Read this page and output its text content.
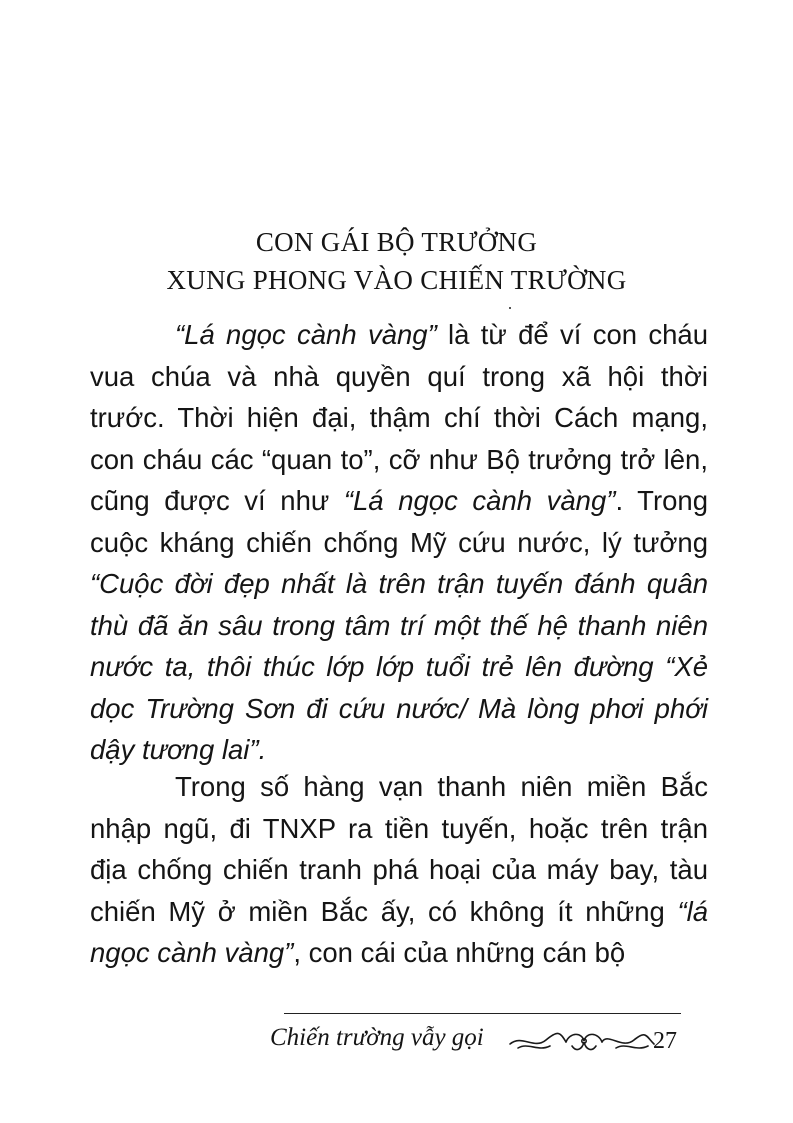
CON GÁI BỘ TRƯỞNG
XUNG PHONG VÀO CHIẾN TRƯỜNG

“Lá ngọc cành vàng” là từ để ví con cháu vua chúa và nhà quyền quí trong xã hội thời trước. Thời hiện đại, thậm chí thời Cách mạng, con cháu các “quan to”, cỡ như Bộ trưởng trở lên, cũng được ví như “Lá ngọc cành vàng”. Trong cuộc kháng chiến chống Mỹ cứu nước, lý tưởng “Cuộc đời đẹp nhất là trên trận tuyến đánh quân thù đã ăn sâu trong tâm trí một thế hệ thanh niên nước ta, thôi thúc lớp lớp tuổi trẻ lên đường “Xẻ dọc Trường Sơn đi cứu nước/ Mà lòng phơi phới dậy tương lai”.

Trong số hàng vạn thanh niên miền Bắc nhập ngũ, đi TNXP ra tiền tuyến, hoặc trên trận địa chống chiến tranh phá hoại của máy bay, tàu chiến Mỹ ở miền Bắc ấy, có không ít những “lá ngọc cành vàng”, con cái của những cán bộ

Chiến trường vẫy gọi	27
